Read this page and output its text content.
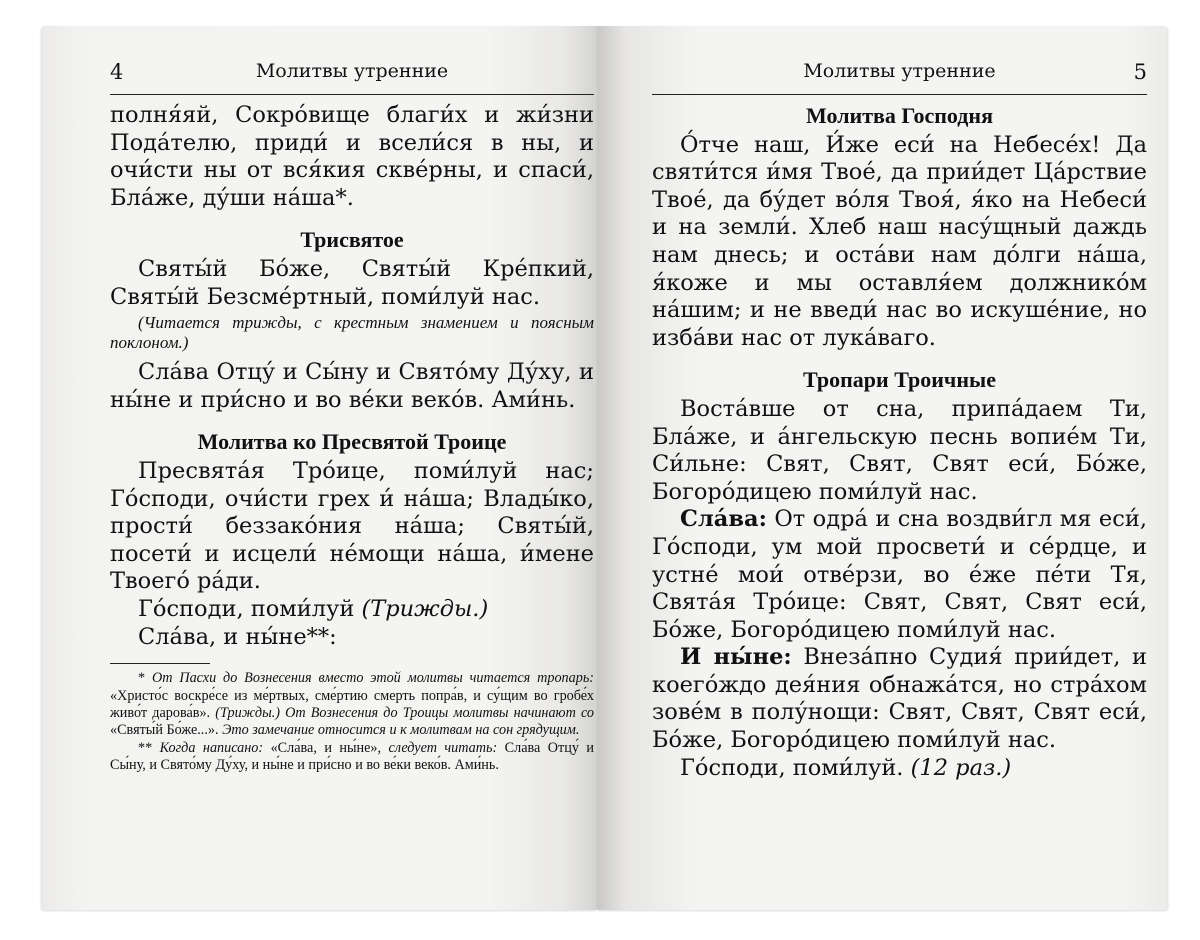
4	Молитвы утренние

полня́яй, Сокро́вище благи́х и жи́зни Пода́телю, приди́ и всели́ся в ны, и очи́сти ны от вся́кия скве́рны, и спаси́, Бла́же, ду́ши на́ша*.

Трисвятое

Святы́й Бо́же, Святы́й Кре́пкий, Святы́й Безсме́ртный, поми́луй нас.

(Читается трижды, с крестным знамением и поясным поклоном.)

Сла́ва Отцу́ и Сы́ну и Свято́му Ду́ху, и ны́не и при́сно и во ве́ки веко́в. Ами́нь.

Молитва ко Пресвятой Троице

Пресвята́я Тро́ице, поми́луй нас; Го́споди, очи́сти грех и́ на́ша; Влады́ко, прости́ беззако́ния на́ша; Святы́й, посети́ и исцели́ не́мощи на́ша, и́мене Твоего́ ра́ди.

Го́споди, поми́луй (Трижды.)

Сла́ва, и ны́не**:

* От Пасхи до Вознесения вместо этой молитвы читается тропарь: «Христо́с воскре́се из ме́ртвых, сме́ртию смерть попра́в, и су́щим во гробе́х живо́т дарова́в». (Трижды.) От Вознесения до Троицы молитвы начинают со «Святы́й Бо́же...». Это замечание относится и к молитвам на сон грядущим.

** Когда написано: «Сла́ва, и ны́не», следует читать: Сла́ва Отцу́ и Сы́ну, и Свято́му Ду́ху, и ны́не и при́сно и во ве́ки веко́в. Ами́нь.

Молитвы утренние	5

Молитва Господня

О́тче наш, И́же еси́ на Небесе́х! Да святи́тся и́мя Твое́, да прии́дет Ца́рствие Твое́, да бу́дет во́ля Твоя́, я́ко на Небеси́ и на земли́. Хлеб наш насу́щный даждь нам днесь; и оста́ви нам до́лги на́ша, я́коже и мы оставля́ем должнико́м на́шим; и не введи́ нас во искуше́ние, но изба́ви нас от лука́ваго.

Тропари Троичные

Воста́вше от сна, припа́даем Ти, Бла́же, и а́нгельскую песнь вопие́м Ти, Си́льне: Свят, Свят, Свят еси́, Бо́же, Богоро́дицею поми́луй нас.

Сла́ва: От одра́ и сна воздви́гл мя еси́, Го́споди, ум мой просвети́ и се́рдце, и устне́ мои́ отве́рзи, во е́же пе́ти Тя, Свята́я Тро́ице: Свят, Свят, Свят еси́, Бо́же, Богоро́дицею поми́луй нас.

И ны́не: Внеза́пно Судия́ прии́дет, и коего́ждо дея́ния обнажа́тся, но стра́хом зове́м в полу́нощи: Свят, Свят, Свят еси́, Бо́же, Богоро́дицею поми́луй нас.

Го́споди, поми́луй. (12 раз.)
